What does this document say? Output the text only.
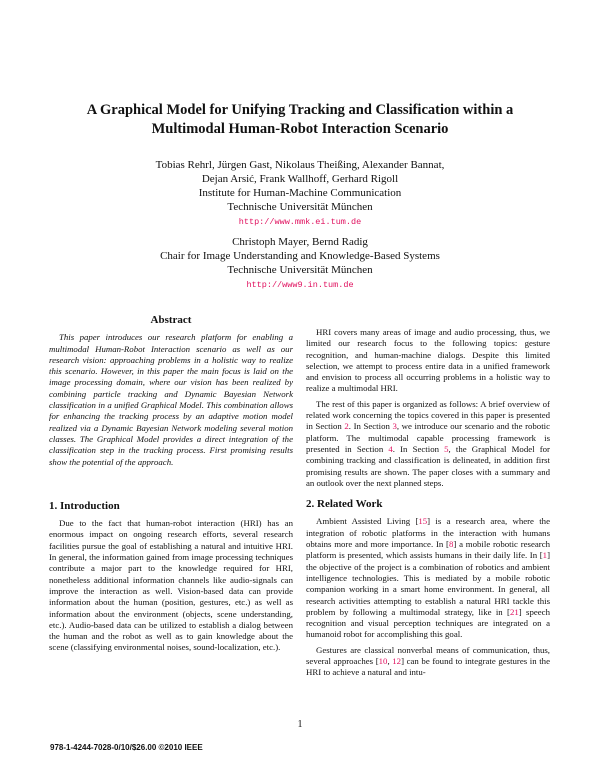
A Graphical Model for Unifying Tracking and Classification within a
Multimodal Human-Robot Interaction Scenario
Tobias Rehrl, Jürgen Gast, Nikolaus Theißing, Alexander Bannat,
Dejan Arsić, Frank Wallhoff, Gerhard Rigoll
Institute for Human-Machine Communication
Technische Universität München
http://www.mmk.ei.tum.de
Christoph Mayer, Bernd Radig
Chair for Image Understanding and Knowledge-Based Systems
Technische Universität München
http://www9.in.tum.de
Abstract

This paper introduces our research platform for enabling a multimodal Human-Robot Interaction scenario as well as our research vision: approaching problems in a holistic way to realize this scenario. However, in this paper the main focus is laid on the image processing domain, where our vision has been realized by combining particle tracking and Dynamic Bayesian Network classification in a unified Graphical Model. This combination allows for enhancing the tracking process by an adaptive motion model realized via a Dynamic Bayesian Network modeling several motion classes. The Graphical Model provides a direct integration of the classification step in the tracking process. First promising results show the potential of the approach.

1. Introduction

Due to the fact that human-robot interaction (HRI) has an enormous impact on ongoing research efforts, several research facilities pursue the goal of establishing a natural and intuitive HRI. In general, the information gained from image processing techniques contribute a major part to the knowledge required for HRI, nonetheless additional information channels like audio-signals can improve the interaction as well. Vision-based data can provide information about the human (position, gestures, etc.) as well as information about the environment (objects, scene understanding, etc.). Audio-based data can be utilized to establish a dialog between the human and the robot as well as to gain knowledge about the scene (classifying environmental noises, sound-localization, etc.).

HRI covers many areas of image and audio processing, thus, we limited our research focus to the following topics: gesture recognition, and human-machine dialogs. Despite this limited selection, we attempt to process entire data in a unified framework and envision to process all occurring problems in a holistic way to realize a multimodal HRI.

The rest of this paper is organized as follows: A brief overview of related work concerning the topics covered in this paper is presented in Section 2. In Section 3, we introduce our scenario and the robotic platform. The multimodal capable processing framework is presented in Section 4. In Section 5, the Graphical Model for combining tracking and classification is delineated, in addition first promising results are shown. The paper closes with a summary and an outlook over the next planned steps.

2. Related Work

Ambient Assisted Living [15] is a research area, where the integration of robotic platforms in the interaction with humans obtains more and more importance. In [8] a mobile robotic research platform is presented, which assists humans in their daily life. In [1] the objective of the project is a combination of robotics and ambient intelligence technologies. This is mediated by a mobile robotic companion working in a smart home environment. In general, all research activities attempting to establish a natural HRI tackle this problem by following a multimodal strategy, like in [21] speech recognition and visual perception techniques are integrated on a humanoid robot for accomplishing this goal.

Gestures are classical nonverbal means of communication, thus, several approaches [10, 12] can be found to integrate gestures in the HRI to achieve a natural and intu-

1
978-1-4244-7028-0/10/$26.00 ©2010 IEEE
